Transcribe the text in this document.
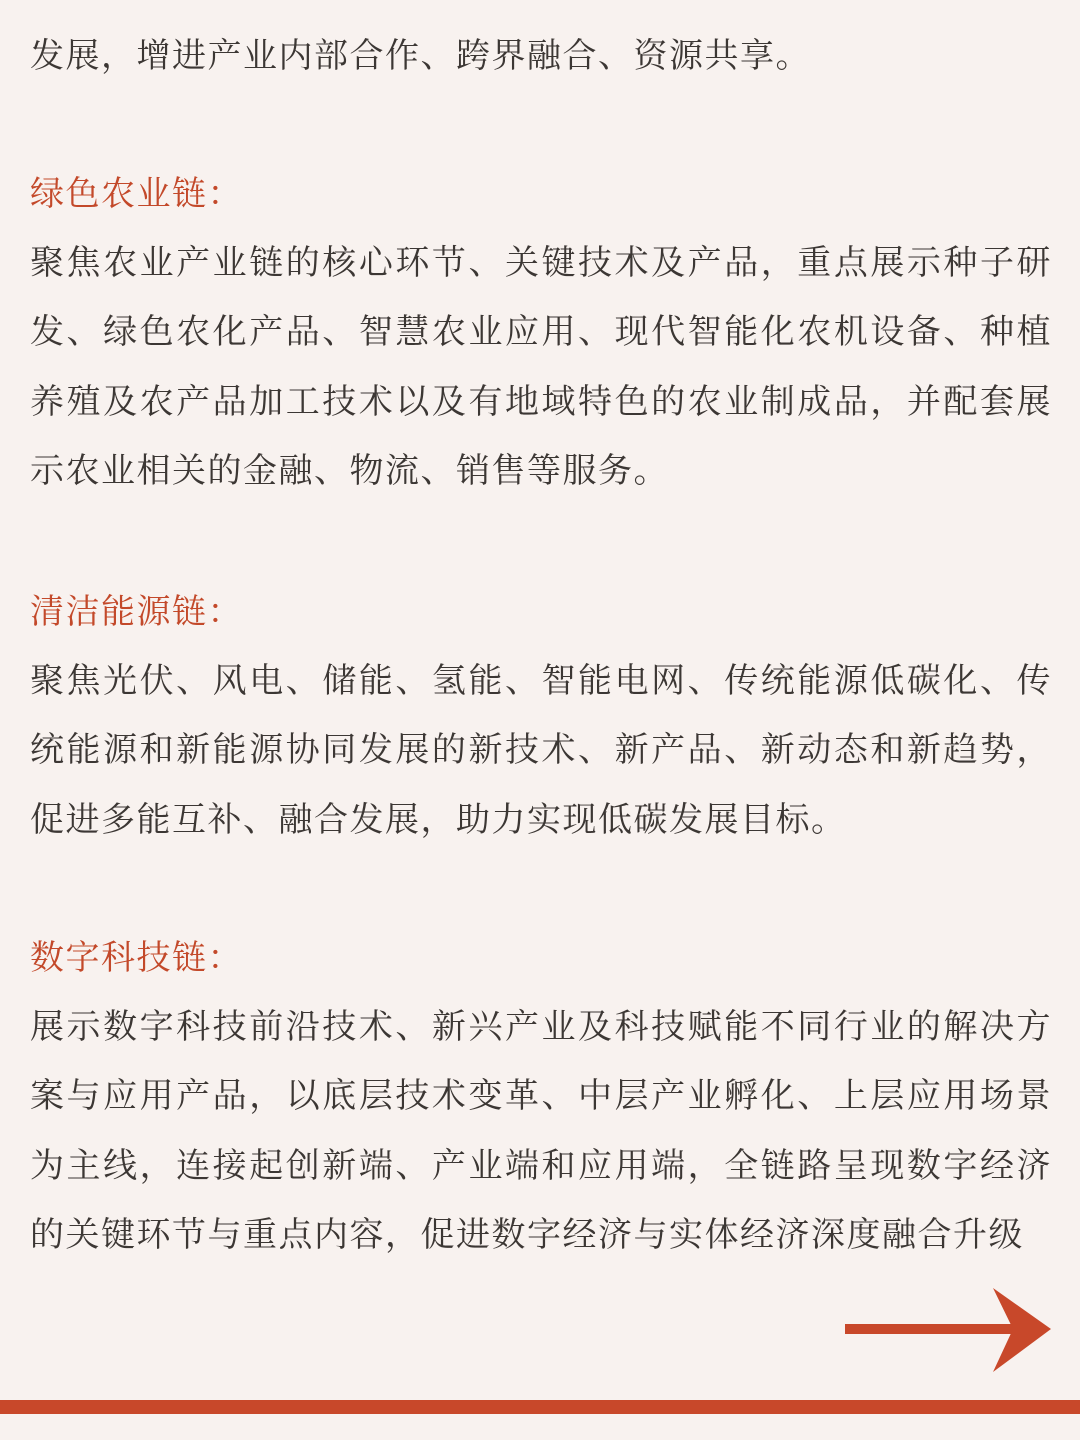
发展，增进产业内部合作、跨界融合、资源共享。

绿色农业链：

聚焦农业产业链的核心环节、关键技术及产品，重点展示种子研发、绿色农化产品、智慧农业应用、现代智能化农机设备、种植养殖及农产品加工技术以及有地域特色的农业制成品，并配套展示农业相关的金融、物流、销售等服务。

清洁能源链：

聚焦光伏、风电、储能、氢能、智能电网、传统能源低碳化、传统能源和新能源协同发展的新技术、新产品、新动态和新趋势，促进多能互补、融合发展，助力实现低碳发展目标。

数字科技链：

展示数字科技前沿技术、新兴产业及科技赋能不同行业的解决方案与应用产品，以底层技术变革、中层产业孵化、上层应用场景为主线，连接起创新端、产业端和应用端，全链路呈现数字经济的关键环节与重点内容，促进数字经济与实体经济深度融合升级
